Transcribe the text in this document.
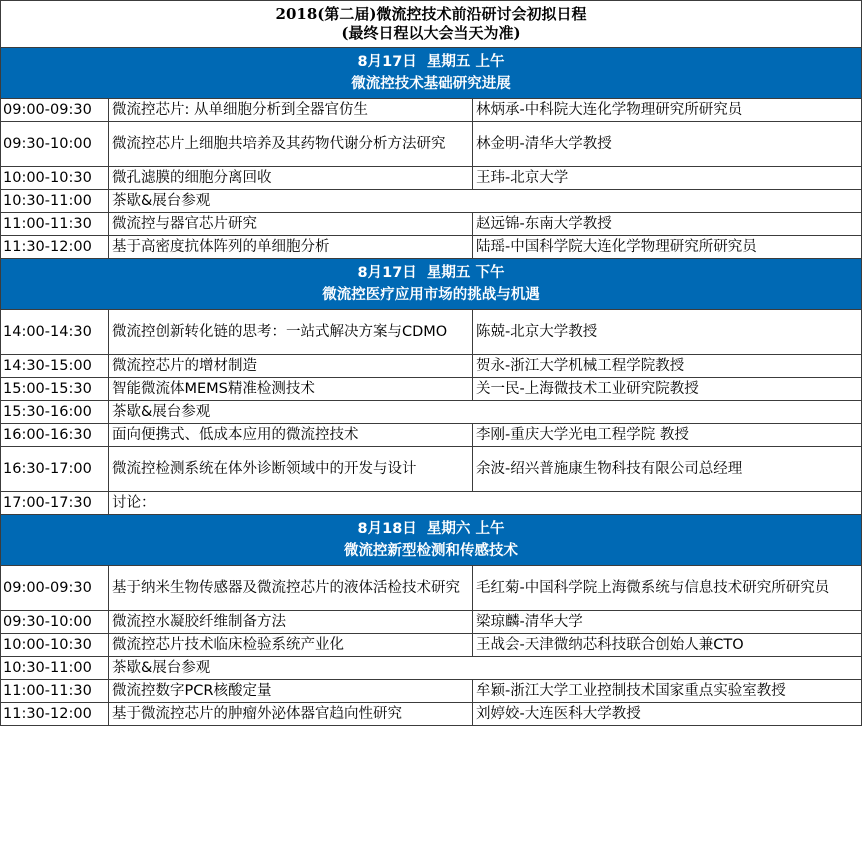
2018(第二届)微流控技术前沿研讨会初拟日程
(最终日程以大会当天为准)		

8月17日  星期五 上午
微流控技术基础研究进展		

09:00-09:30	微流控芯片: 从单细胞分析到全器官仿生	林炳承-中科院大连化学物理研究所研究员
09:30-10:00	微流控芯片上细胞共培养及其药物代谢分析方法研究	林金明-清华大学教授
10:00-10:30	微孔滤膜的细胞分离回收	王玮-北京大学
10:30-11:00	茶歇&展台参观	
11:00-11:30	微流控与器官芯片研究	赵远锦-东南大学教授
11:30-12:00	基于高密度抗体阵列的单细胞分析	陆瑶-中国科学院大连化学物理研究所研究员

8月17日  星期五 下午
微流控医疗应用市场的挑战与机遇		

14:00-14:30	微流控创新转化链的思考：一站式解决方案与CDMO	陈兢-北京大学教授
14:30-15:00	微流控芯片的增材制造	贺永-浙江大学机械工程学院教授
15:00-15:30	智能微流体MEMS精准检测技术	关一民-上海微技术工业研究院教授
15:30-16:00	茶歇&展台参观	
16:00-16:30	面向便携式、低成本应用的微流控技术	李刚-重庆大学光电工程学院 教授
16:30-17:00	微流控检测系统在体外诊断领域中的开发与设计	余波-绍兴普施康生物科技有限公司总经理
17:00-17:30	讨论：	

8月18日  星期六 上午
微流控新型检测和传感技术		

09:00-09:30	基于纳米生物传感器及微流控芯片的液体活检技术研究	毛红菊-中国科学院上海微系统与信息技术研究所研究员
09:30-10:00	微流控水凝胶纤维制备方法	梁琼麟-清华大学
10:00-10:30	微流控芯片技术临床检验系统产业化	王战会-天津微纳芯科技联合创始人兼CTO
10:30-11:00	茶歇&展台参观	
11:00-11:30	微流控数字PCR核酸定量	牟颖-浙江大学工业控制技术国家重点实验室教授
11:30-12:00	基于微流控芯片的肿瘤外泌体器官趋向性研究	刘婷姣-大连医科大学教授
